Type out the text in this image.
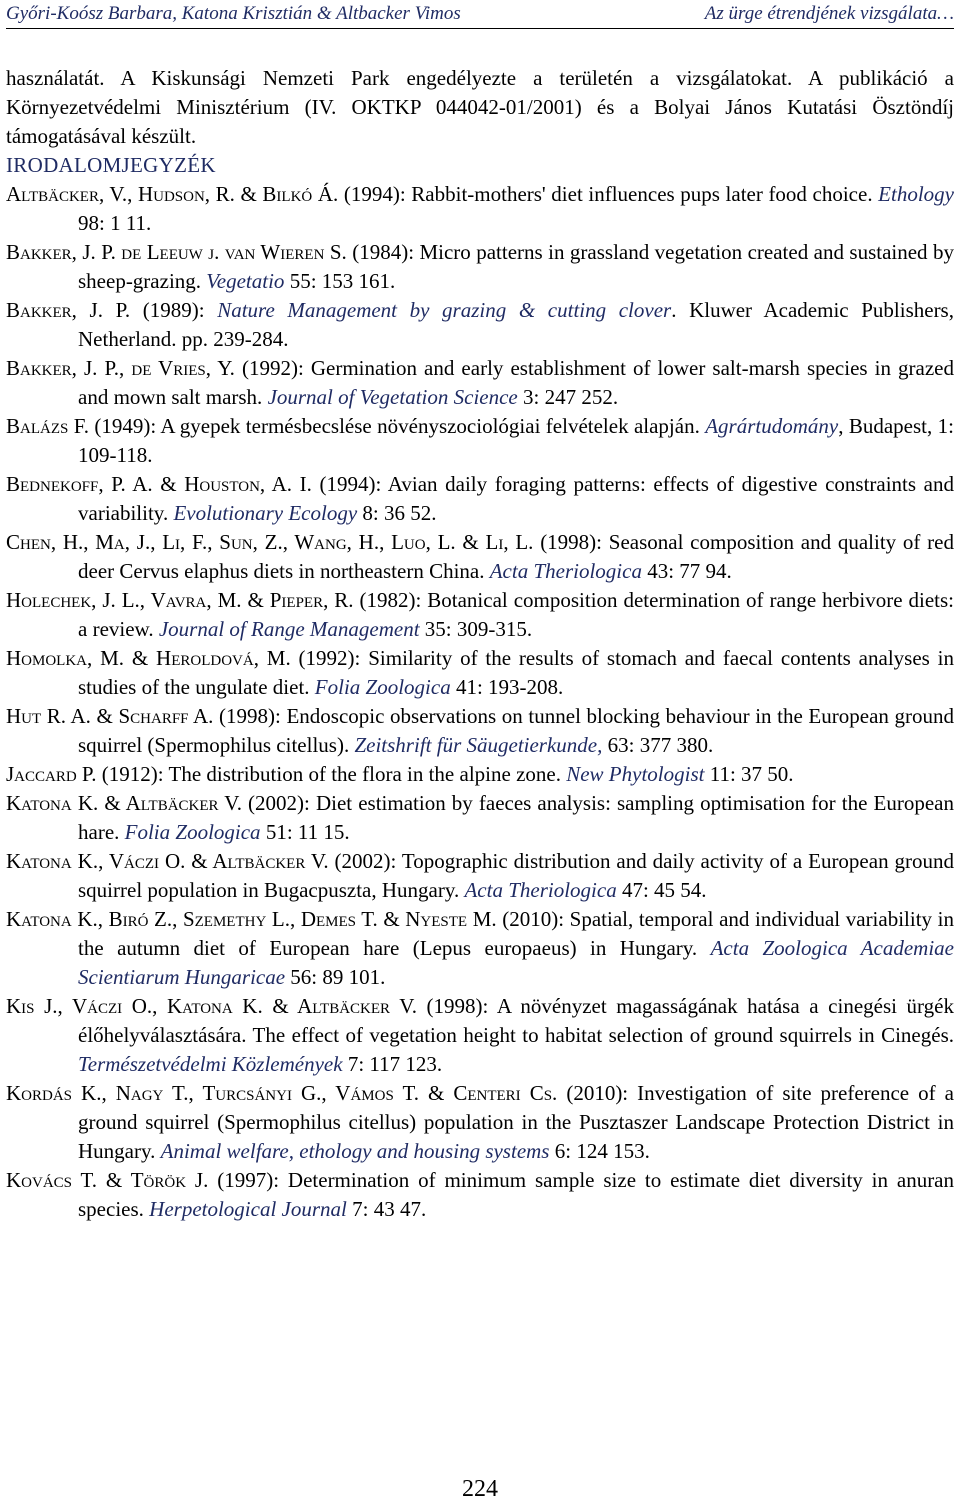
Győri-Koósz Barbara, Katona Krisztián & Altbacker Vimos	Az ürge étrendjének vizsgálata…

használatát. A Kiskunsági Nemzeti Park engedélyezte a területén a vizsgálatokat. A publikáció a Környezetvédelmi Minisztérium (IV. OKTKP 044042-01/2001) és a Bolyai János Kutatási Ösztöndíj támogatásával készült.

IRODALOMJEGYZÉK

Altbäcker, V., Hudson, R. & Bilkó Á. (1994): Rabbit-mothers' diet influences pups later food choice. Ethology 98: 1 11.

Bakker, J. P. de Leeuw j. van Wieren S. (1984): Micro patterns in grassland vegetation created and sustained by sheep-grazing. Vegetatio 55: 153 161.

Bakker, J. P. (1989): Nature Management by grazing & cutting clover. Kluwer Academic Publishers, Netherland. pp. 239-284.

Bakker, J. P., de Vries, Y. (1992): Germination and early establishment of lower salt-marsh species in grazed and mown salt marsh. Journal of Vegetation Science 3: 247 252.

Balázs F. (1949): A gyepek termésbecslése növényszociológiai felvételek alapján. Agrártudomány, Budapest, 1: 109-118.

Bednekoff, P. A. & Houston, A. I. (1994): Avian daily foraging patterns: effects of digestive constraints and variability. Evolutionary Ecology 8: 36 52.

Chen, H., Ma, J., Li, F., Sun, Z., Wang, H., Luo, L. & Li, L. (1998): Seasonal composition and quality of red deer Cervus elaphus diets in northeastern China. Acta Theriologica 43: 77 94.

Holechek, J. L., Vavra, M. & Pieper, R. (1982): Botanical composition determination of range herbivore diets: a review. Journal of Range Management 35: 309-315.

Homolka, M. & Heroldová, M. (1992): Similarity of the results of stomach and faecal contents analyses in studies of the ungulate diet. Folia Zoologica 41: 193-208.

Hut R. A. & Scharff A. (1998): Endoscopic observations on tunnel blocking behaviour in the European ground squirrel (Spermophilus citellus). Zeitshrift für Säugetierkunde, 63: 377 380.

Jaccard P. (1912): The distribution of the flora in the alpine zone. New Phytologist 11: 37 50.

Katona K. & Altbäcker V. (2002): Diet estimation by faeces analysis: sampling optimisation for the European hare. Folia Zoologica 51: 11 15.

Katona K., Váczi O. & Altbäcker V. (2002): Topographic distribution and daily activity of a European ground squirrel population in Bugacpuszta, Hungary. Acta Theriologica 47: 45 54.

Katona K., Biró Z., Szemethy L., Demes T. & Nyeste M. (2010): Spatial, temporal and individual variability in the autumn diet of European hare (Lepus europaeus) in Hungary. Acta Zoologica Academiae Scientiarum Hungaricae 56: 89 101.

Kis J., Váczi O., Katona K. & Altbäcker V. (1998): A növényzet magasságának hatása a cinegési ürgék élőhelyválasztására. The effect of vegetation height to habitat selection of ground squirrels in Cinegés. Természetvédelmi Közlemények 7: 117 123.

Kordás K., Nagy T., Turcsányi G., Vámos T. & Centeri Cs. (2010): Investigation of site preference of a ground squirrel (Spermophilus citellus) population in the Pusztaszer Landscape Protection District in Hungary. Animal welfare, ethology and housing systems 6: 124 153.

Kovács T. & Török J. (1997): Determination of minimum sample size to estimate diet diversity in anuran species. Herpetological Journal 7: 43 47.

224
